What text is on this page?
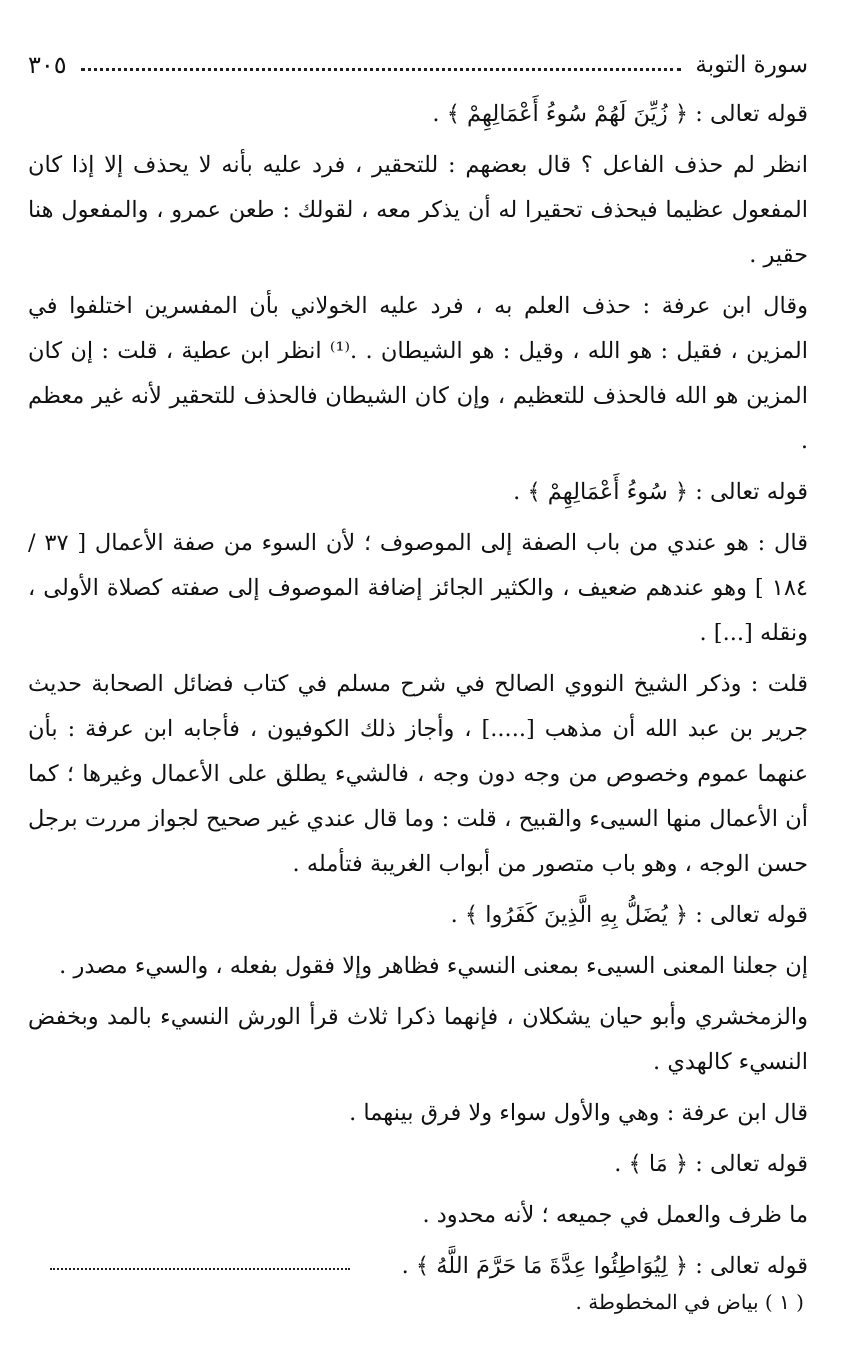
سورة التوبة
٣٠٥

قوله تعالى : ﴿ زُيِّنَ لَهُمْ سُوءُ أَعْمَالِهِمْ ﴾ .

انظر لم حذف الفاعل ؟ قال بعضهم : للتحقير ، فرد عليه بأنه لا يحذف إلا إذا كان المفعول عظيما فيحذف تحقيرا له أن يذكر معه ، لقولك : طعن عمرو ، والمفعول هنا حقير .

وقال ابن عرفة : حذف العلم به ، فرد عليه الخولاني بأن المفسرين اختلفوا في المزين ، فقيل : هو الله ، وقيل : هو الشيطان . .⁽¹⁾ انظر ابن عطية ، قلت : إن كان المزين هو الله فالحذف للتعظيم ، وإن كان الشيطان فالحذف للتحقير لأنه غير معظم .

قوله تعالى : ﴿ سُوءُ أَعْمَالِهِمْ ﴾ .

قال : هو عندي من باب الصفة إلى الموصوف ؛ لأن السوء من صفة الأعمال [ ٣٧ / ١٨٤ ] وهو عندهم ضعيف ، والكثير الجائز إضافة الموصوف إلى صفته كصلاة الأولى ، ونقله [...] .

قلت : وذكر الشيخ النووي الصالح في شرح مسلم في كتاب فضائل الصحابة حديث جرير بن عبد الله أن مذهب [.....] ، وأجاز ذلك الكوفيون ، فأجابه ابن عرفة : بأن عنهما عموم وخصوص من وجه دون وجه ، فالشيء يطلق على الأعمال وغيرها ؛ كما أن الأعمال منها السيىء والقبيح ، قلت : وما قال عندي غير صحيح لجواز مررت برجل حسن الوجه ، وهو باب متصور من أبواب الغريبة فتأمله .

قوله تعالى : ﴿ يُضَلُّ بِهِ الَّذِينَ كَفَرُوا ﴾ .

إن جعلنا المعنى السيىء بمعنى النسيء فظاهر وإلا فقول بفعله ، والسيء مصدر .

والزمخشري وأبو حيان يشكلان ، فإنهما ذكرا ثلاث قرأ الورش النسيء بالمد وبخفض النسيء كالهدي .

قال ابن عرفة : وهي والأول سواء ولا فرق بينهما .

قوله تعالى : ﴿ مَا ﴾ .

ما ظرف والعمل في جميعه ؛ لأنه محدود .

قوله تعالى : ﴿ لِيُوَاطِئُوا عِدَّةَ مَا حَرَّمَ اللَّهُ ﴾ .

( ١ ) بياض في المخطوطة .
